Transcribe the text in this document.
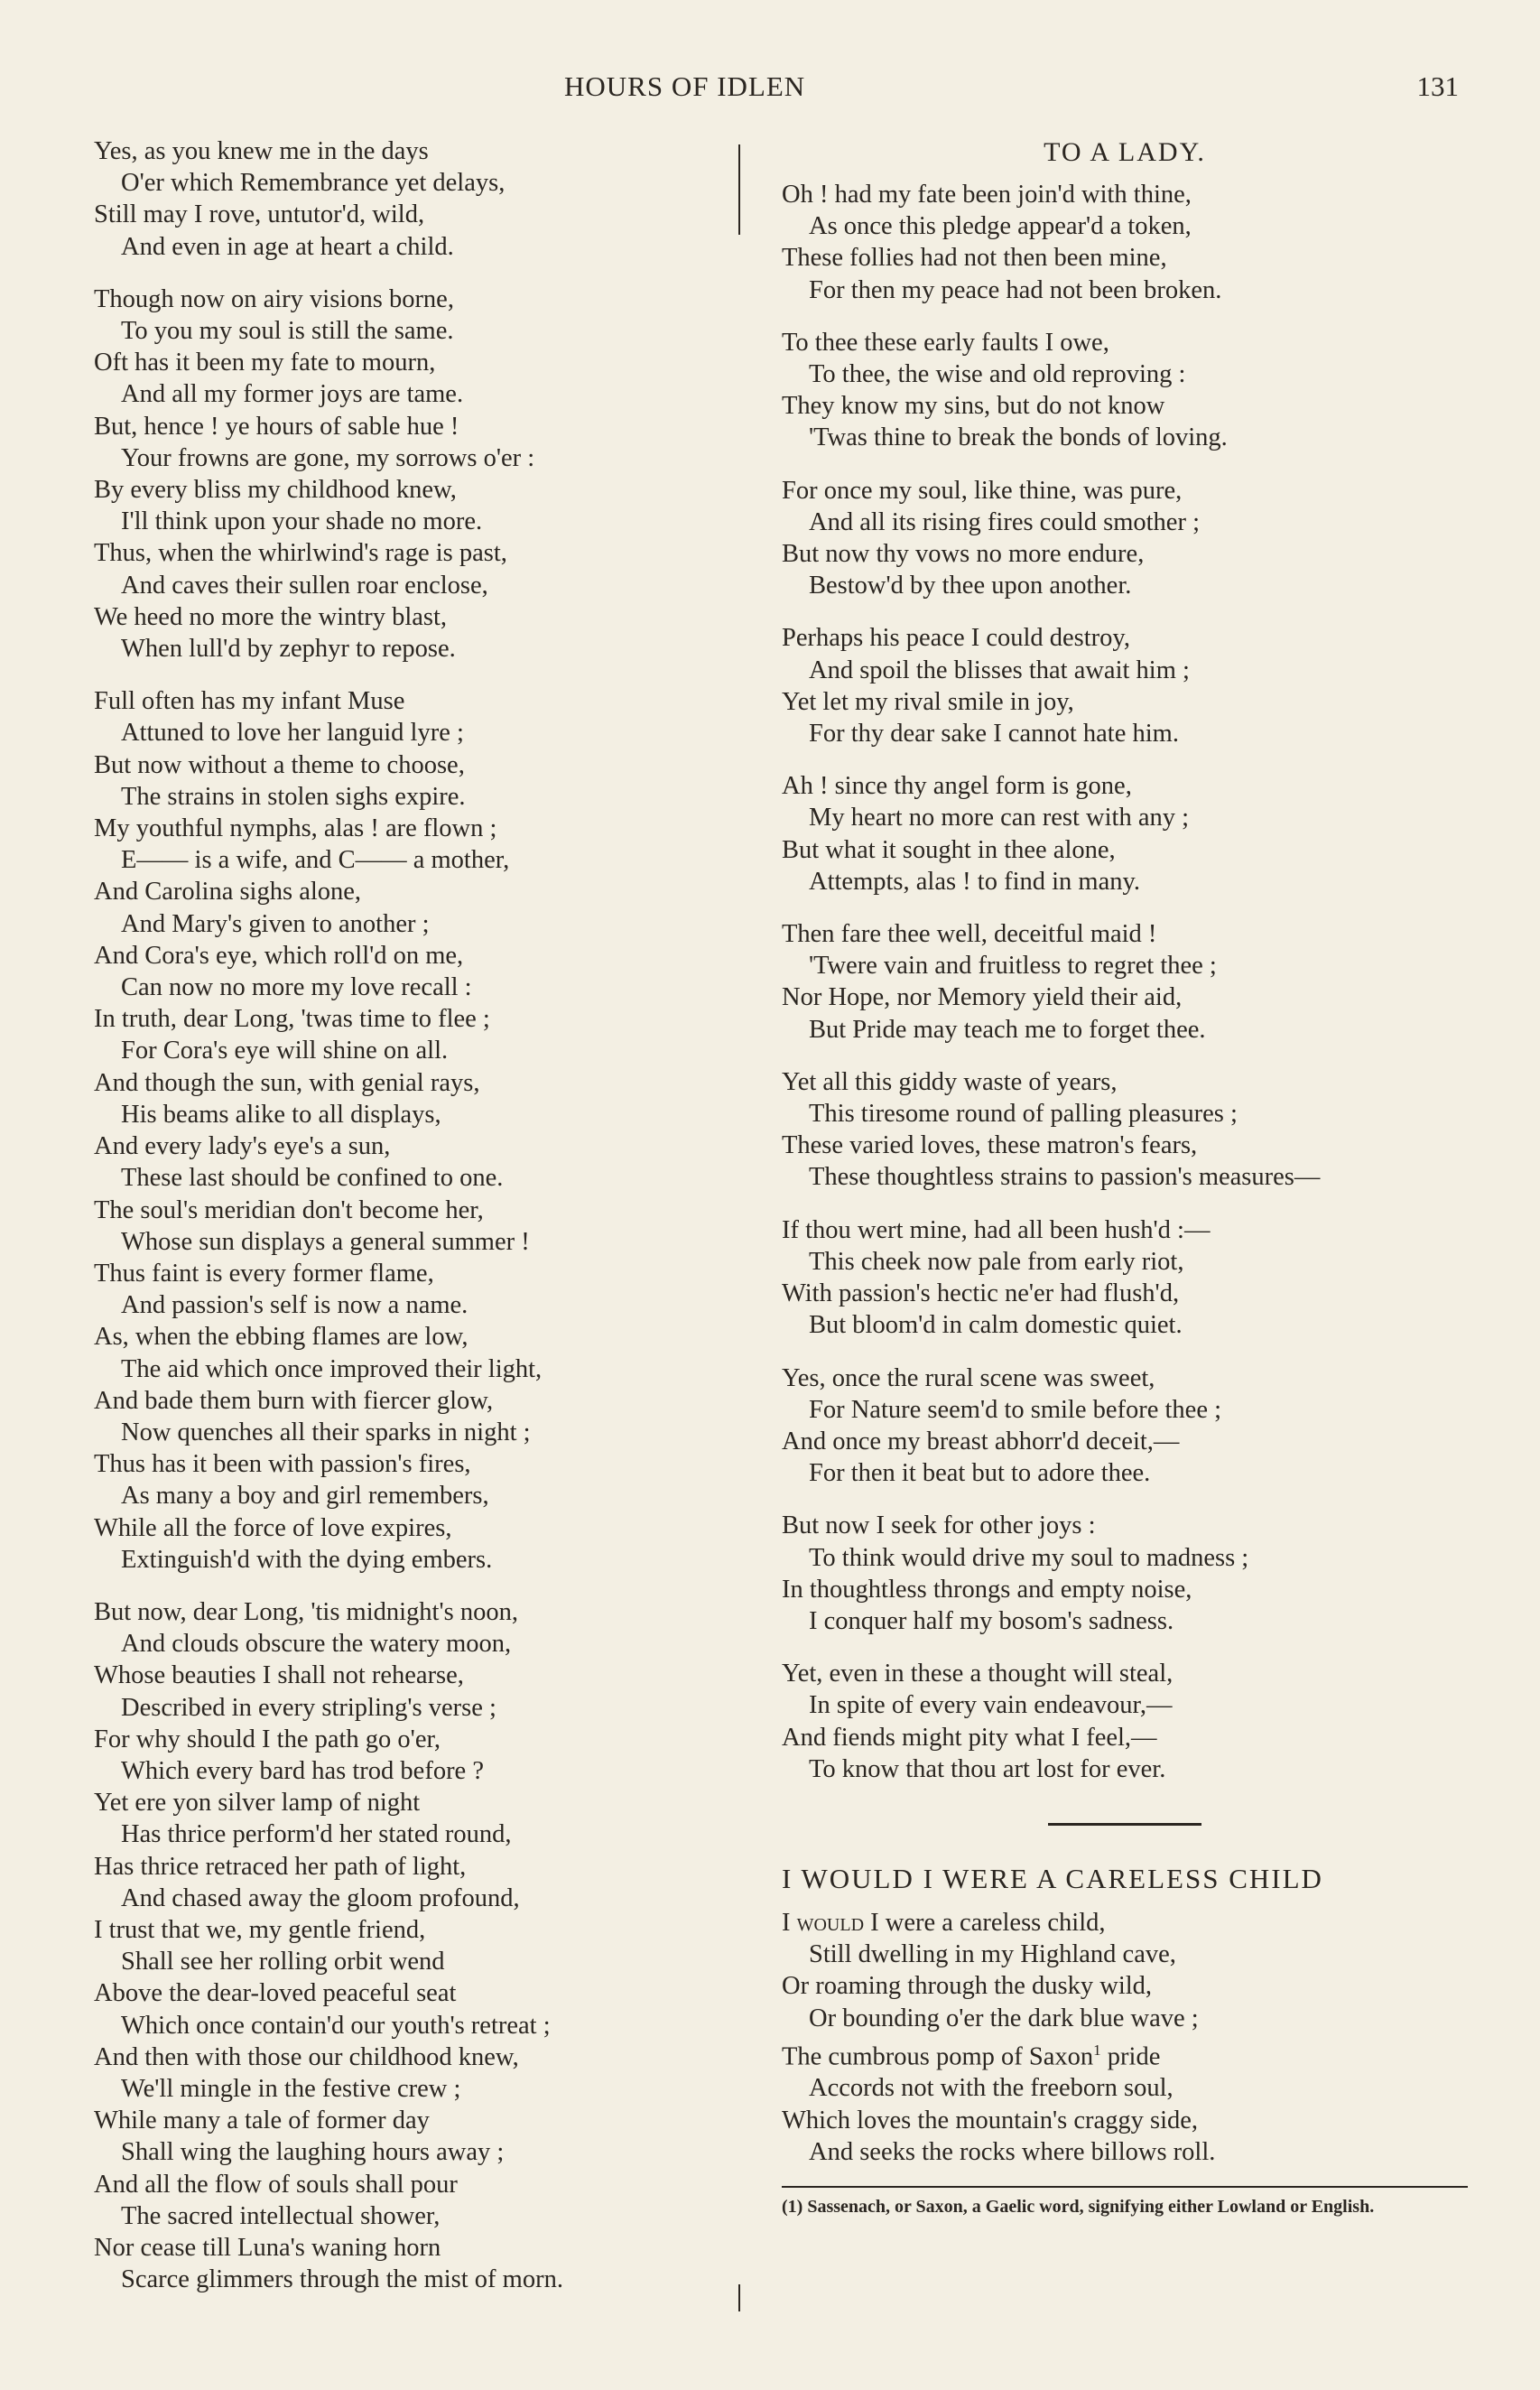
HOURS OF IDLEN	131
Yes, as you knew me in the days
O'er which Remembrance yet delays,
Still may I rove, untutor'd, wild,
And even in age at heart a child.
Though now on airy visions borne,
To you my soul is still the same.
Oft has it been my fate to mourn,
And all my former joys are tame.
But, hence ! ye hours of sable hue !
Your frowns are gone, my sorrows o'er :
By every bliss my childhood knew,
I'll think upon your shade no more.
Thus, when the whirlwind's rage is past,
And caves their sullen roar enclose,
We heed no more the wintry blast,
When lull'd by zephyr to repose.
Full often has my infant Muse
Attuned to love her languid lyre ;
But now without a theme to choose,
The strains in stolen sighs expire.
My youthful nymphs, alas ! are flown ;
E—— is a wife, and C—— a mother,
And Carolina sighs alone,
And Mary's given to another ;
And Cora's eye, which roll'd on me,
Can now no more my love recall :
In truth, dear Long, 'twas time to flee ;
For Cora's eye will shine on all.
And though the sun, with genial rays,
His beams alike to all displays,
And every lady's eye's a sun,
These last should be confined to one.
The soul's meridian don't become her,
Whose sun displays a general summer !
Thus faint is every former flame,
And passion's self is now a name.
As, when the ebbing flames are low,
The aid which once improved their light,
And bade them burn with fiercer glow,
Now quenches all their sparks in night ;
Thus has it been with passion's fires,
As many a boy and girl remembers,
While all the force of love expires,
Extinguish'd with the dying embers.
But now, dear Long, 'tis midnight's noon,
And clouds obscure the watery moon,
Whose beauties I shall not rehearse,
Described in every stripling's verse ;
For why should I the path go o'er,
Which every bard has trod before ?
Yet ere yon silver lamp of night
Has thrice perform'd her stated round,
Has thrice retraced her path of light,
And chased away the gloom profound,
I trust that we, my gentle friend,
Shall see her rolling orbit wend
Above the dear-loved peaceful seat
Which once contain'd our youth's retreat ;
And then with those our childhood knew,
We'll mingle in the festive crew ;
While many a tale of former day
Shall wing the laughing hours away ;
And all the flow of souls shall pour
The sacred intellectual shower,
Nor cease till Luna's waning horn
Scarce glimmers through the mist of morn.
TO A LADY.
Oh ! had my fate been join'd with thine,
As once this pledge appear'd a token,
These follies had not then been mine,
For then my peace had not been broken.
To thee these early faults I owe,
To thee, the wise and old reproving :
They know my sins, but do not know
'Twas thine to break the bonds of loving.
For once my soul, like thine, was pure,
And all its rising fires could smother ;
But now thy vows no more endure,
Bestow'd by thee upon another.
Perhaps his peace I could destroy,
And spoil the blisses that await him ;
Yet let my rival smile in joy,
For thy dear sake I cannot hate him.
Ah ! since thy angel form is gone,
My heart no more can rest with any ;
But what it sought in thee alone,
Attempts, alas ! to find in many.
Then fare thee well, deceitful maid !
'Twere vain and fruitless to regret thee ;
Nor Hope, nor Memory yield their aid,
But Pride may teach me to forget thee.
Yet all this giddy waste of years,
This tiresome round of palling pleasures ;
These varied loves, these matron's fears,
These thoughtless strains to passion's measures—
If thou wert mine, had all been hush'd :—
This cheek now pale from early riot,
With passion's hectic ne'er had flush'd,
But bloom'd in calm domestic quiet.
Yes, once the rural scene was sweet,
For Nature seem'd to smile before thee ;
And once my breast abhorr'd deceit,—
For then it beat but to adore thee.
But now I seek for other joys :
To think would drive my soul to madness ;
In thoughtless throngs and empty noise,
I conquer half my bosom's sadness.
Yet, even in these a thought will steal,
In spite of every vain endeavour,—
And fiends might pity what I feel,—
To know that thou art lost for ever.
I WOULD I WERE A CARELESS CHILD
I would I were a careless child,
Still dwelling in my Highland cave,
Or roaming through the dusky wild,
Or bounding o'er the dark blue wave ;
The cumbrous pomp of Saxon$^1$ pride
Accords not with the freeborn soul,
Which loves the mountain's craggy side,
And seeks the rocks where billows roll.
(1) Sassenach, or Saxon, a Gaelic word, signifying either Lowland or English.
